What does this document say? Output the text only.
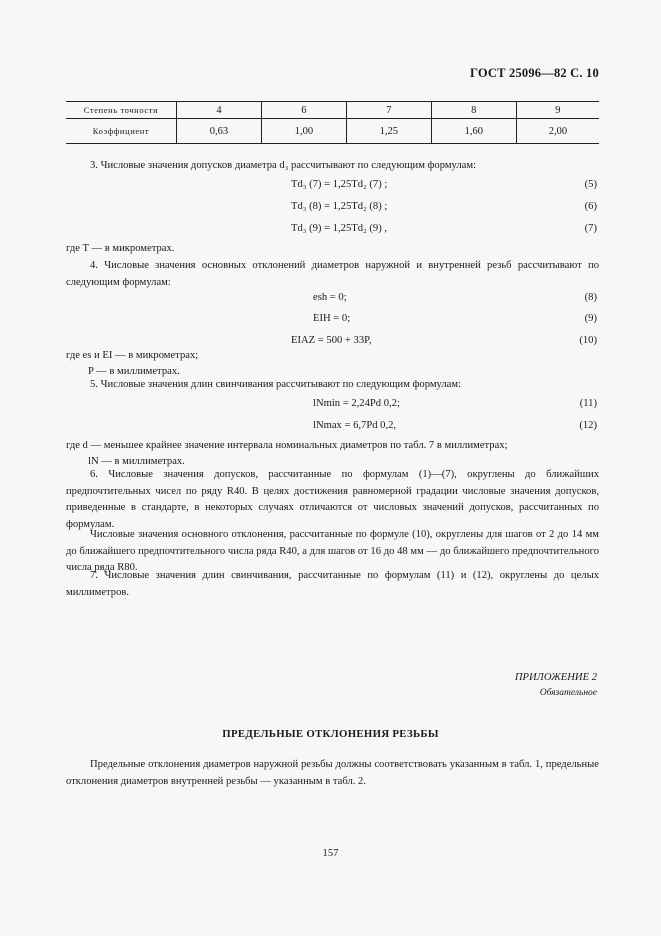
ГОСТ 25096—82 С. 10
Степень точности	4	6	7	8	9
Коэффициент	0,63	1,00	1,25	1,60	2,00
3. Числовые значения допусков диаметра d₃ рассчитывают по следующим формулам:
Td₃ (7) = 1,25Td₂ (7) ;	(5)
Td₃ (8) = 1,25Td₂ (8) ;	(6)
Td₃ (9) = 1,25Td₂ (9) ,	(7)
где T — в микрометрах.
4. Числовые значения основных отклонений диаметров наружной и внутренней резьб рассчитывают по следующим формулам:
esh = 0;	(8)
EIH = 0;	(9)
EIAZ = 500 + 33P,	(10)
где es и EI — в микрометрах;
P — в миллиметрах.
5. Числовые значения длин свинчивания рассчитывают по следующим формулам:
lNmin = 2,24Pd 0,2;	(11)
lNmax = 6,7Pd 0,2,	(12)
где d — меньшее крайнее значение интервала номинальных диаметров по табл. 7 в миллиметрах;
lN — в миллиметрах.
6. Числовые значения допусков, рассчитанные по формулам (1)—(7), округлены до ближайших предпочтительных чисел по ряду R40. В целях достижения равномерной градации числовые значения допусков, приведенные в стандарте, в некоторых случаях отличаются от числовых значений допусков, рассчитанных по формулам.
Числовые значения основного отклонения, рассчитанные по формуле (10), округлены для шагов от 2 до 14 мм до ближайшего предпочтительного числа ряда R40, а для шагов от 16 до 48 мм — до ближайшего предпочтительного числа ряда R80.
7. Числовые значения длин свинчивания, рассчитанные по формулам (11) и (12), округлены до целых миллиметров.
ПРИЛОЖЕНИЕ 2
Обязательное
ПРЕДЕЛЬНЫЕ ОТКЛОНЕНИЯ РЕЗЬБЫ
Предельные отклонения диаметров наружной резьбы должны соответствовать указанным в табл. 1, предельные отклонения диаметров внутренней резьбы — указанным в табл. 2.
157
